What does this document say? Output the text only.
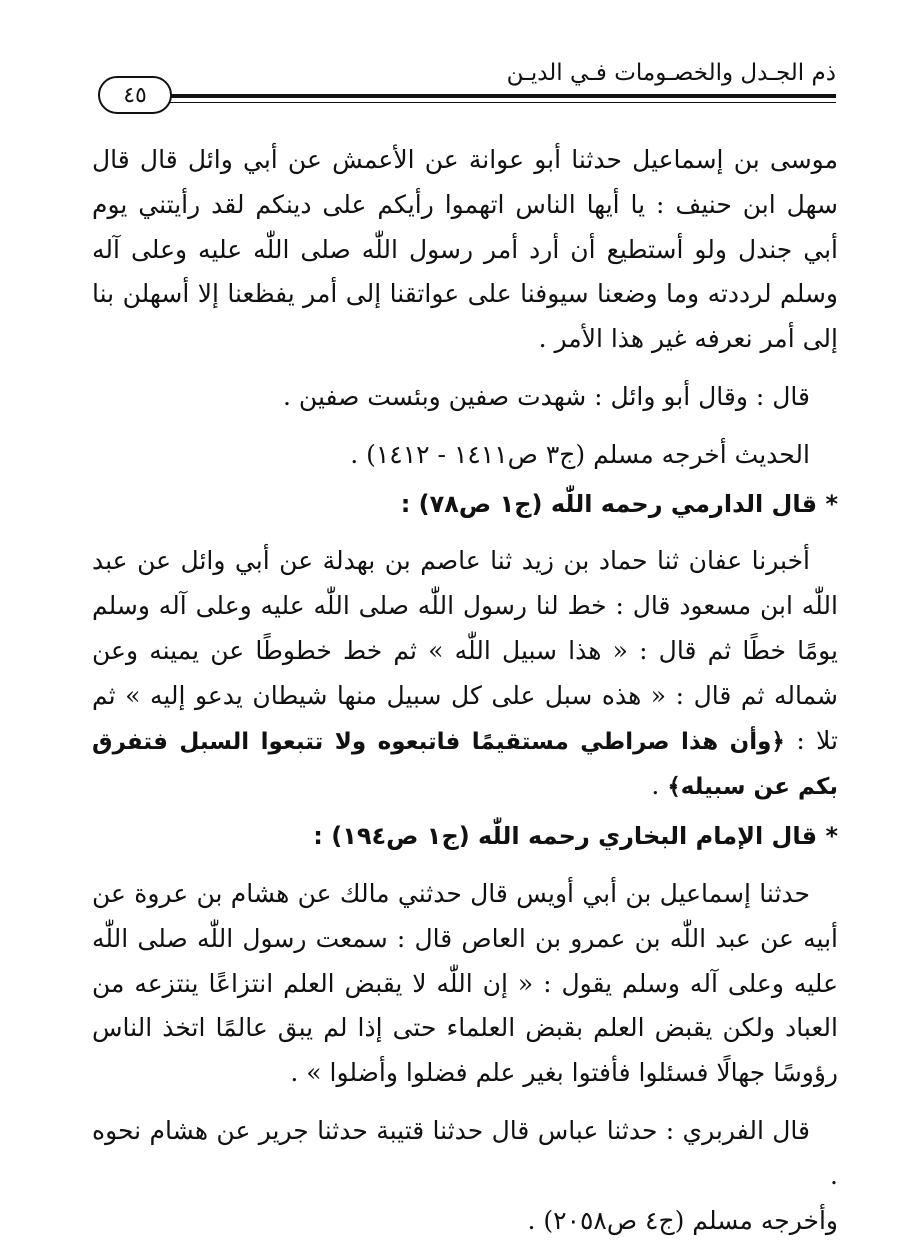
ذم الجـدل والخصـومات فـي الديـن
٤٥

موسى بن إسماعيل حدثنا أبو عوانة عن الأعمش عن أبي وائل قال قال سهل ابن حنيف : يا أيها الناس اتهموا رأيكم على دينكم لقد رأيتني يوم أبي جندل ولو أستطيع أن أرد أمر رسول اللّٰه صلى اللّٰه عليه وعلى آله وسلم لرددته وما وضعنا سيوفنا على عواتقنا إلى أمر يفظعنا إلا أسهلن بنا إلى أمر نعرفه غير هذا الأمر .

قال : وقال أبو وائل : شهدت صفين وبئست صفين .

الحديث أخرجه مسلم (ج٣ ص١٤١١ - ١٤١٢) .

* قال الدارمي رحمه اللّٰه (ج١ ص٧٨) :

أخبرنا عفان ثنا حماد بن زيد ثنا عاصم بن بهدلة عن أبي وائل عن عبد اللّٰه ابن مسعود قال : خط لنا رسول اللّٰه صلى اللّٰه عليه وعلى آله وسلم يومًا خطًا ثم قال : « هذا سبيل اللّٰه » ثم خط خطوطًا عن يمينه وعن شماله ثم قال : « هذه سبل على كل سبيل منها شيطان يدعو إليه » ثم تلا : ﴿وأن هذا صراطي مستقيمًا فاتبعوه ولا تتبعوا السبل فتفرق بكم عن سبيله﴾ .

* قال الإمام البخاري رحمه اللّٰه (ج١ ص١٩٤) :

حدثنا إسماعيل بن أبي أويس قال حدثني مالك عن هشام بن عروة عن أبيه عن عبد اللّٰه بن عمرو بن العاص قال : سمعت رسول اللّٰه صلى اللّٰه عليه وعلى آله وسلم يقول : « إن اللّٰه لا يقبض العلم انتزاعًا ينتزعه من العباد ولكن يقبض العلم بقبض العلماء حتى إذا لم يبق عالمًا اتخذ الناس رؤوسًا جهالًا فسئلوا فأفتوا بغير علم فضلوا وأضلوا » .

قال الفربري : حدثنا عباس قال حدثنا قتيبة حدثنا جرير عن هشام نحوه .

وأخرجه مسلم (ج٤ ص٢٠٥٨) .
